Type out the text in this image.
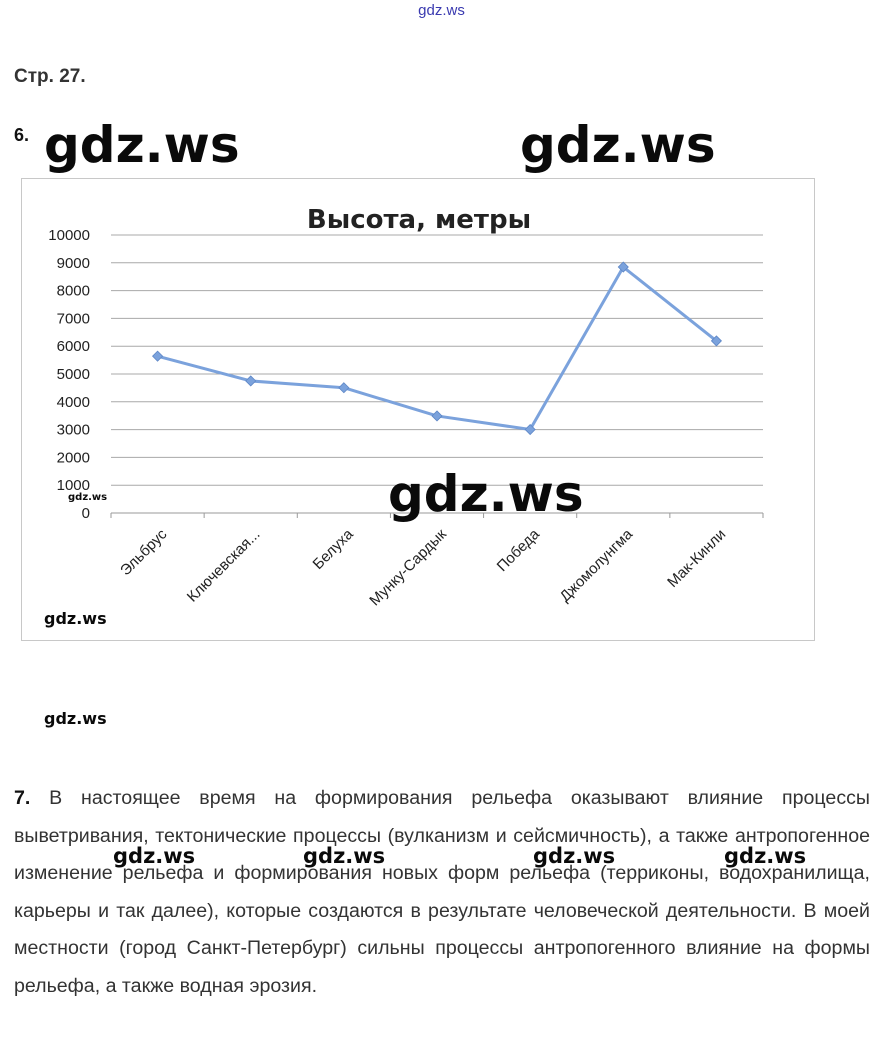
gdz.ws
Стр. 27.
6. gdz.ws	gdz.ws
Высота, метры
0
1000
2000
3000
4000
5000
6000
7000
8000
9000
10000
Эльбрус Ключевская...	Белуха Мунку-Сардык	Победа Джомолунгма Мак-Кинли
gdz.ws
gdz.ws
gdz.ws
gdz.ws
7. В настоящее время на формирования рельефа оказывают влияние процессы выветривания, тектонические процессы (вулканизм и сейсмичность), а также антропогенное изменение рельефа и формирования новых форм рельефа (терриконы, водохранилища, карьеры и так далее), которые создаются в результате человеческой деятельности. В моей местности (город Санкт-Петербург) сильны процессы антропогенного влияние на формы рельефа, а также водная эрозия.
gdz.ws	gdz.ws	gdz.ws	gdz.ws
